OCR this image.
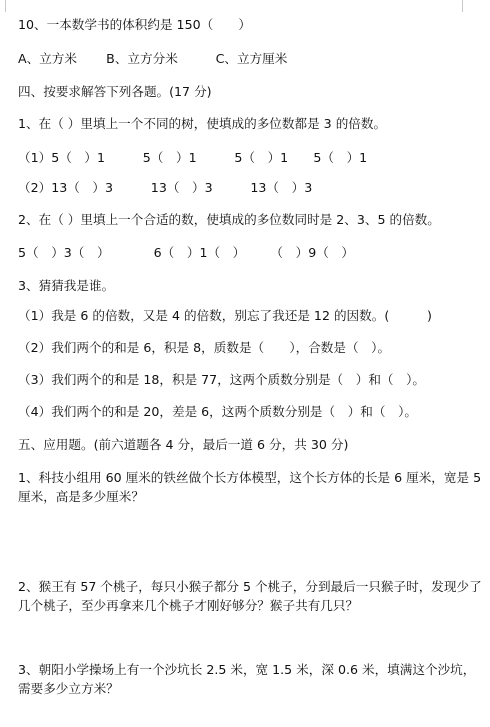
10、一本数学书的体积约是 150（　　）

A、立方米　　 B、立方分米　　　C、立方厘米

四、按要求解答下列各题。(17 分)

1、在（ ）里填上一个不同的树，使填成的多位数都是 3 的倍数。

（1）5（　）1　　　5（　）1　　　5（　）1　　5（　）1

（2）13（　）3　　　13（　）3　　　13（　）3

2、在（ ）里填上一个合适的数，使填成的多位数同时是 2、3、5 的倍数。

5（　）3（　）　　　　6（　）1（　）　　　（　）9（　）

3、猜猜我是谁。

（1）我是 6 的倍数，又是 4 的倍数，别忘了我还是 12 的因数。(　　　)

（2）我们两个的和是 6，积是 8，质数是（　　），合数是（　）。

（3）我们两个的和是 18，积是 77，这两个质数分别是（　）和（　）。

（4）我们两个的和是 20，差是 6，这两个质数分别是（　）和（　）。

五、应用题。(前六道题各 4 分，最后一道 6 分，共 30 分)

1、科技小组用 60 厘米的铁丝做个长方体模型，这个长方体的长是 6 厘米，宽是 5 厘米，高是多少厘米？

2、猴王有 57 个桃子，每只小猴子都分 5 个桃子，分到最后一只猴子时，发现少了几个桃子，至少再拿来几个桃子才刚好够分？猴子共有几只？

3、朝阳小学操场上有一个沙坑长 2.5 米，宽 1.5 米，深 0.6 米，填满这个沙坑，需要多少立方米？
